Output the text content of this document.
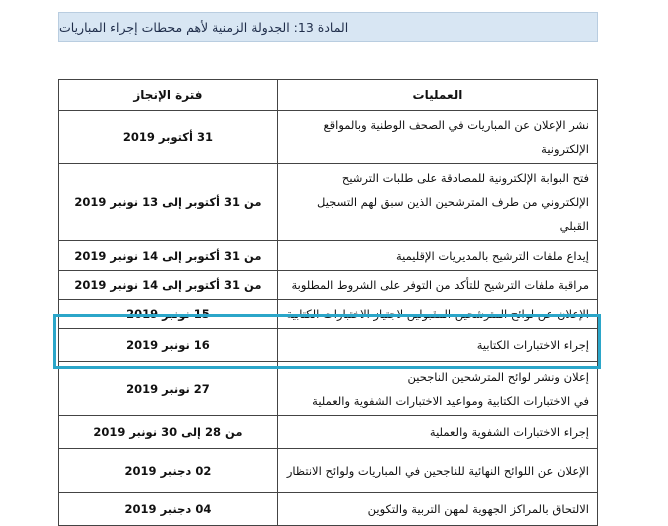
المادة 13: الجدولة الزمنية لأهم محطات إجراء المباريات
العمليات	فترة الإنجاز

نشر الإعلان عن المباريات في الصحف الوطنية وبالمواقع
الإلكترونية	31 أكتوبر 2019

فتح البوابة الإلكترونية للمصادقة على طلبات الترشيح
الإلكتروني من طرف المترشحين الذين سبق لهم التسجيل القبلي	من 31 أكتوبر إلى 13 نونبر 2019

إيداع ملفات الترشيح بالمديريات الإقليمية	من 31 أكتوبر إلى 14 نونبر 2019

مراقبة ملفات الترشيح للتأكد من التوفر على الشروط المطلوبة	من 31 أكتوبر إلى 14 نونبر 2019

الإعلان عن لوائح المترشحين المقبولين لاجتياز الاختبارات الكتابية	15 نونبر 2019

إجراء الاختبارات الكتابية	16 نونبر 2019

إعلان ونشر لوائح المترشحين الناجحين
في الاختبارات الكتابية ومواعيد الاختبارات الشفوية والعملية	27 نونبر 2019

إجراء الاختبارات الشفوية والعملية	من 28 إلى 30 نونبر 2019

الإعلان عن اللوائح النهائية للناجحين في المباريات ولوائح الانتظار	02 دجنبر 2019

الالتحاق بالمراكز الجهوية لمهن التربية والتكوين	04 دجنبر 2019
